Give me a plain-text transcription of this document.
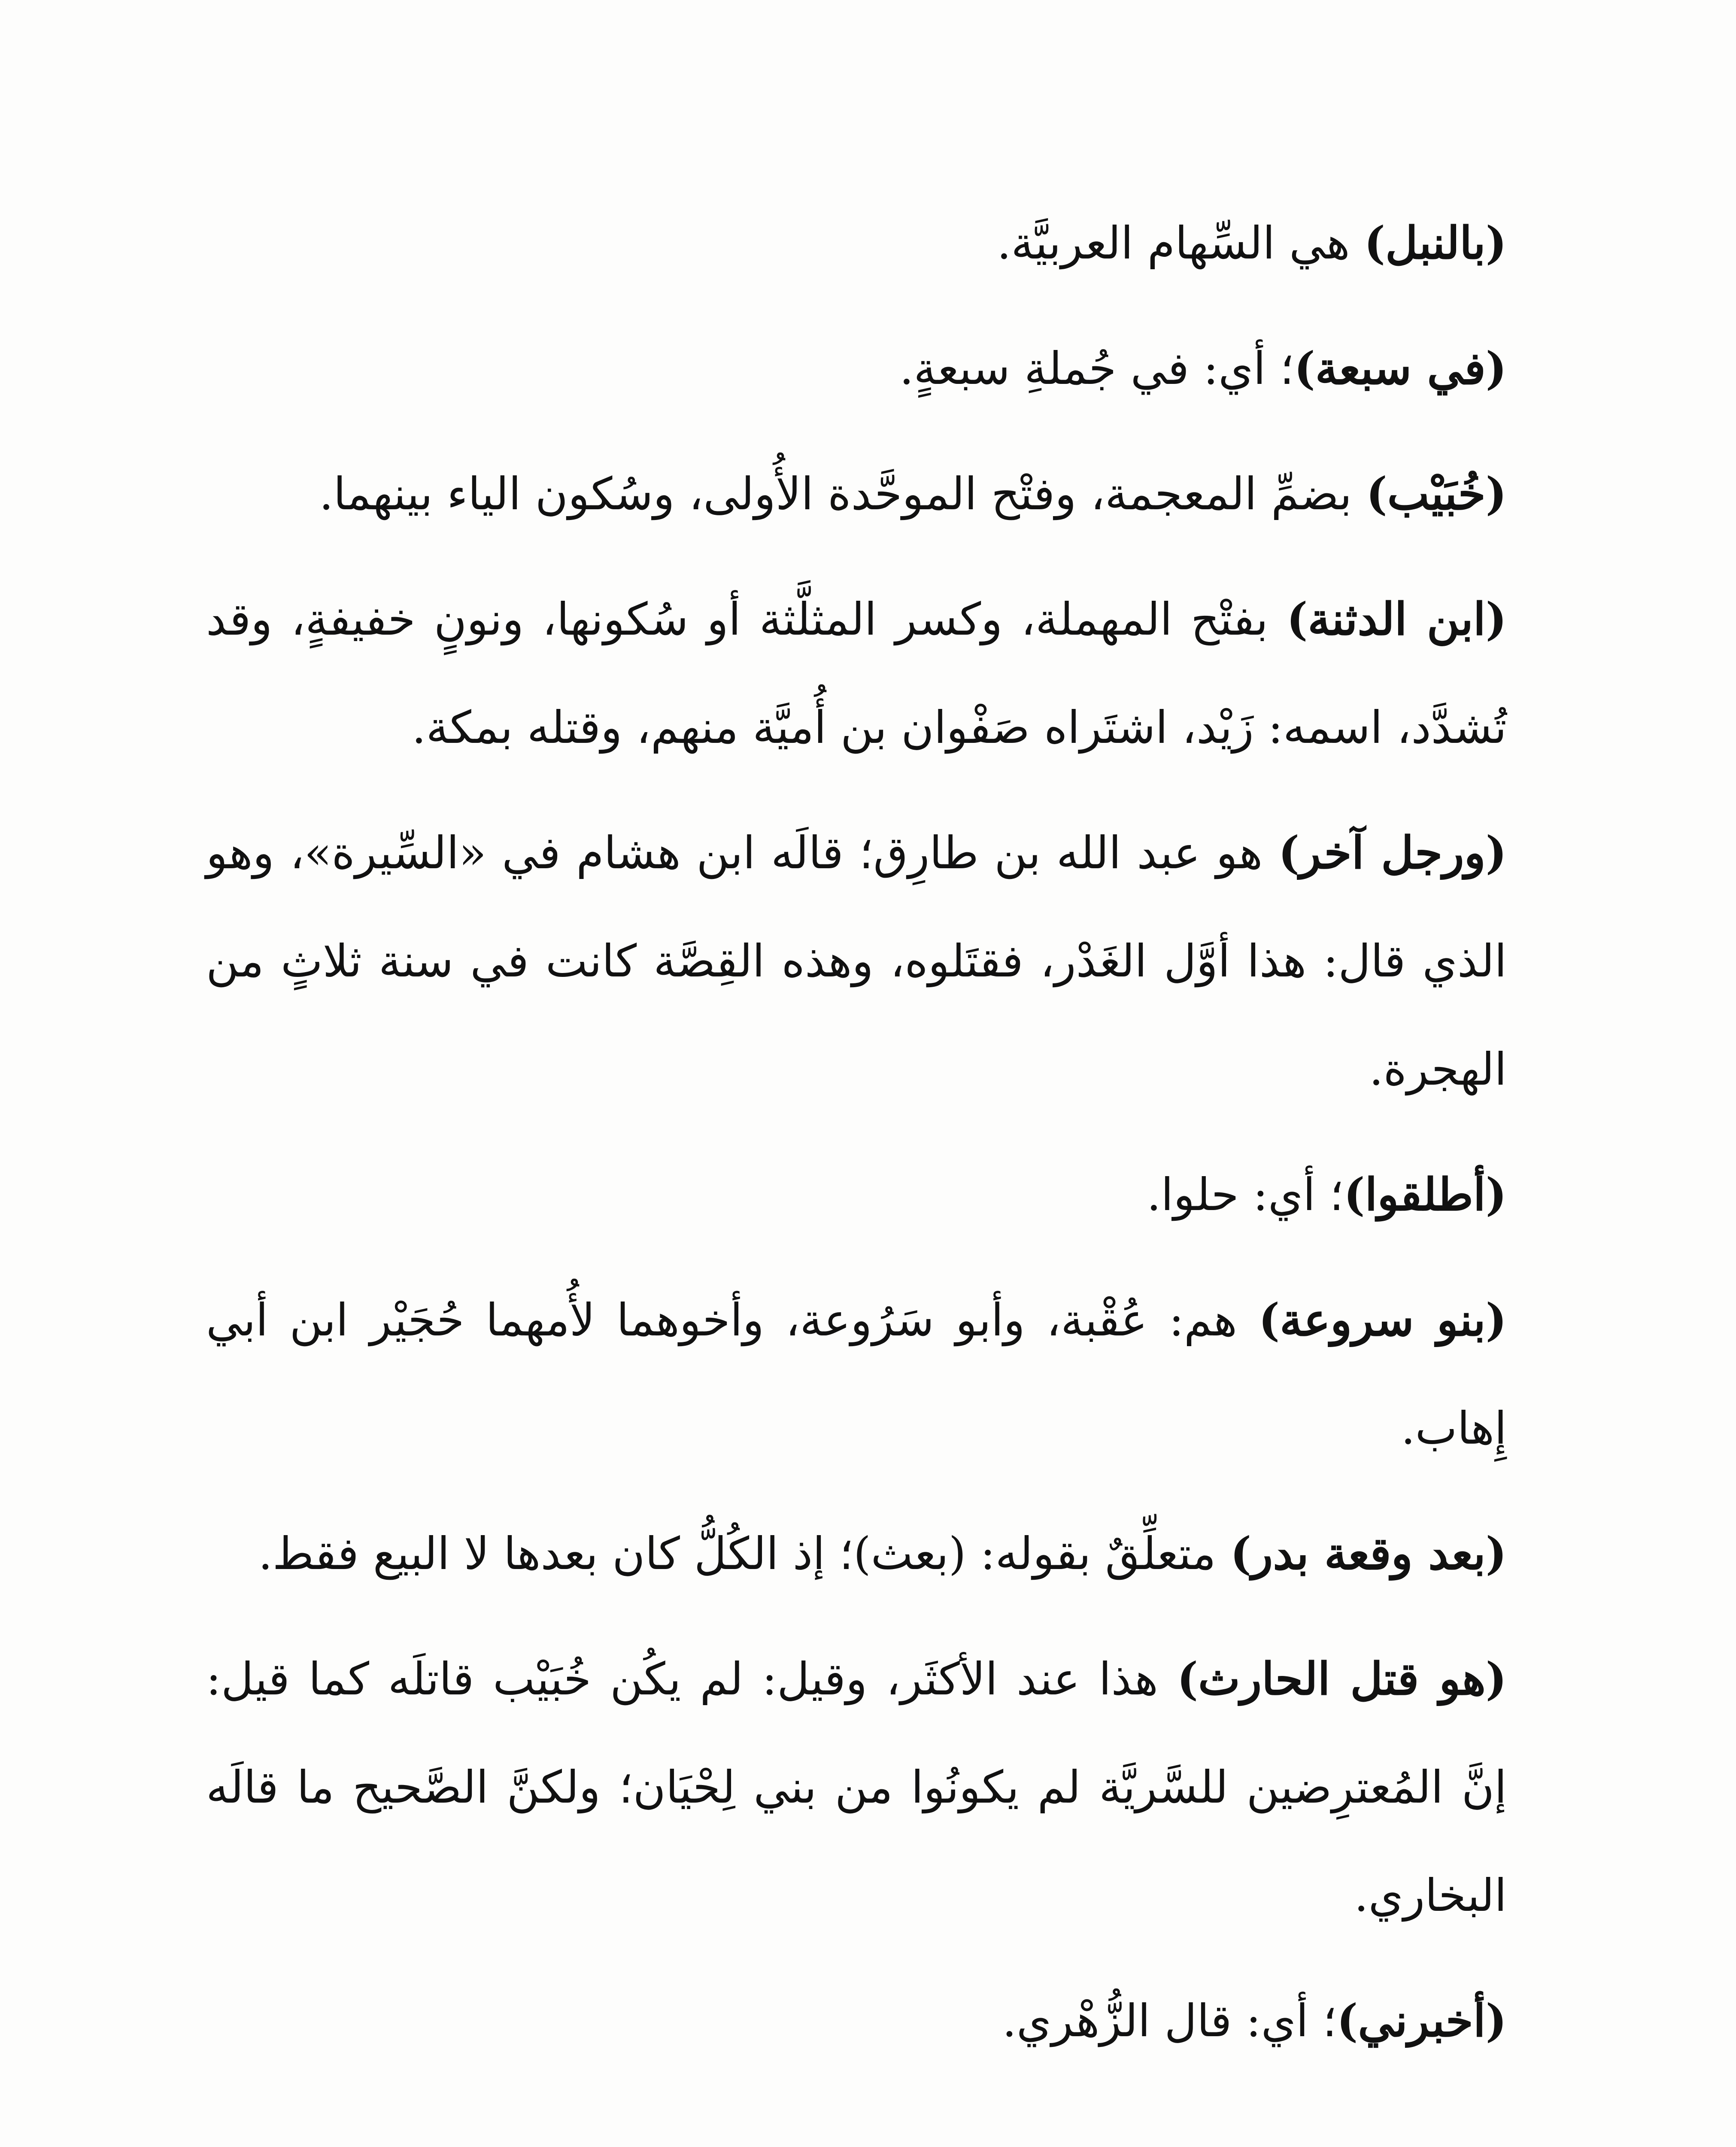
(بالنبل) هي السِّهام العربيَّة.

(في سبعة)؛ أي: في جُملةِ سبعةٍ.

(خُبَيْب) بضمِّ المعجمة، وفتْح الموحَّدة الأُولى، وسُكون الياء بينهما.

(ابن الدثنة) بفتْح المهملة، وكسر المثلَّثة أو سُكونها، ونونٍ خفيفةٍ، وقد تُشدَّد، اسمه: زَيْد، اشتَراه صَفْوان بن أُميَّة منهم، وقتله بمكة.

(ورجل آخر) هو عبد الله بن طارِق؛ قالَه ابن هشام في «السِّيرة»، وهو الذي قال: هذا أوَّل الغَدْر، فقتَلوه، وهذه القِصَّة كانت في سنة ثلاثٍ من الهجرة.

(أطلقوا)؛ أي: حلوا.

(بنو سروعة) هم: عُقْبة، وأبو سَرُوعة، وأخوهما لأُمهما حُجَيْر ابن أبي إِهاب.

(بعد وقعة بدر) متعلِّقٌ بقوله: (بعث)؛ إذ الكُلُّ كان بعدها لا البيع فقط.

(هو قتل الحارث) هذا عند الأكثَر، وقيل: لم يكُن خُبَيْب قاتلَه كما قيل: إنَّ المُعترِضين للسَّريَّة لم يكونُوا من بني لِحْيَان؛ ولكنَّ الصَّحيح ما قالَه البخاري.

(أخبرني)؛ أي: قال الزُّهْري.
